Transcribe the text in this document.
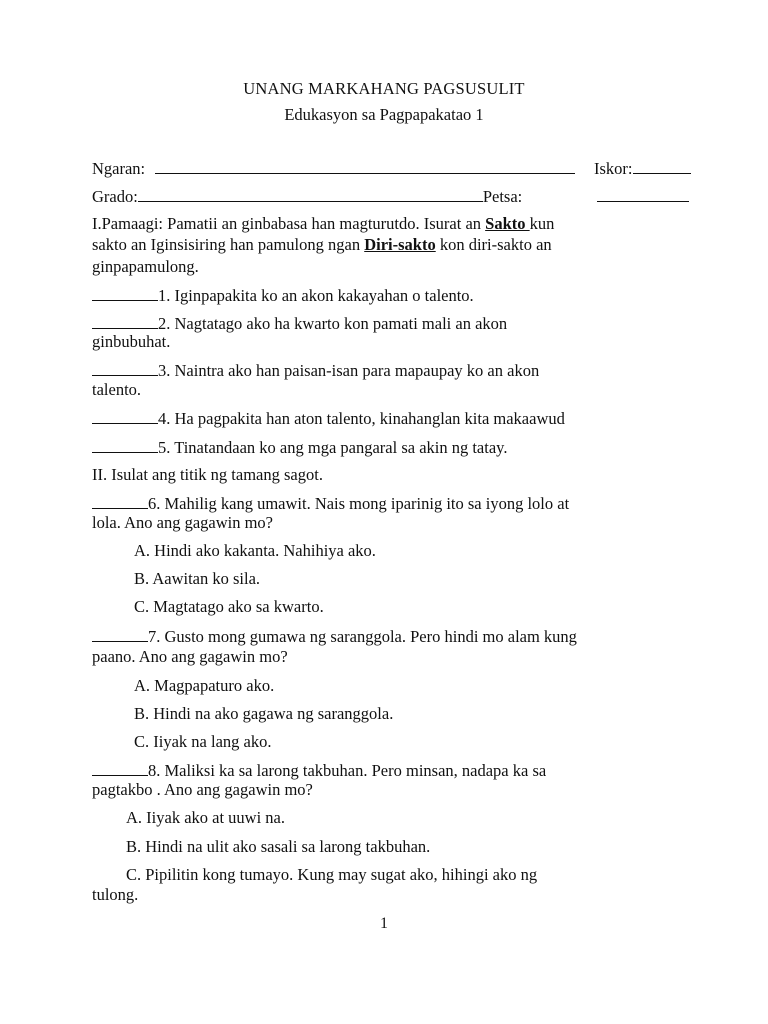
UNANG MARKAHANG PAGSUSULIT
Edukasyon sa Pagpapakatao 1
Ngaran:	Iskor:
Grado:	Petsa:
I.Pamaagi: Pamatii an ginbabasa han magturutdo. Isurat an Sakto kun
sakto an Iginsisiring han pamulong ngan Diri-sakto kon diri-sakto an
ginpapamulong.
1. Iginpapakita ko an akon kakayahan o talento.
2. Nagtatago ako ha kwarto kon pamati mali an akon
ginbubuhat.
3. Naintra ako han paisan-isan para mapaupay ko an akon
talento.
4. Ha pagpakita han aton talento, kinahanglan kita makaawud
5. Tinatandaan ko ang mga pangaral sa akin ng tatay.
II. Isulat ang titik ng tamang sagot.
6. Mahilig kang umawit. Nais mong iparinig ito sa iyong lolo at
lola. Ano ang gagawin mo?
A. Hindi ako kakanta. Nahihiya ako.
B. Aawitan ko sila.
C. Magtatago ako sa kwarto.
7. Gusto mong gumawa ng saranggola. Pero hindi mo alam kung
paano. Ano ang gagawin mo?
A. Magpapaturo ako.
B. Hindi na ako gagawa ng saranggola.
C. Iiyak na lang ako.
8. Maliksi ka sa larong takbuhan. Pero minsan, nadapa ka sa
pagtakbo . Ano ang gagawin mo?
A. Iiyak ako at uuwi na.
B. Hindi na ulit ako sasali sa larong takbuhan.
C. Pipilitin kong tumayo. Kung may sugat ako, hihingi ako ng
tulong.
1
